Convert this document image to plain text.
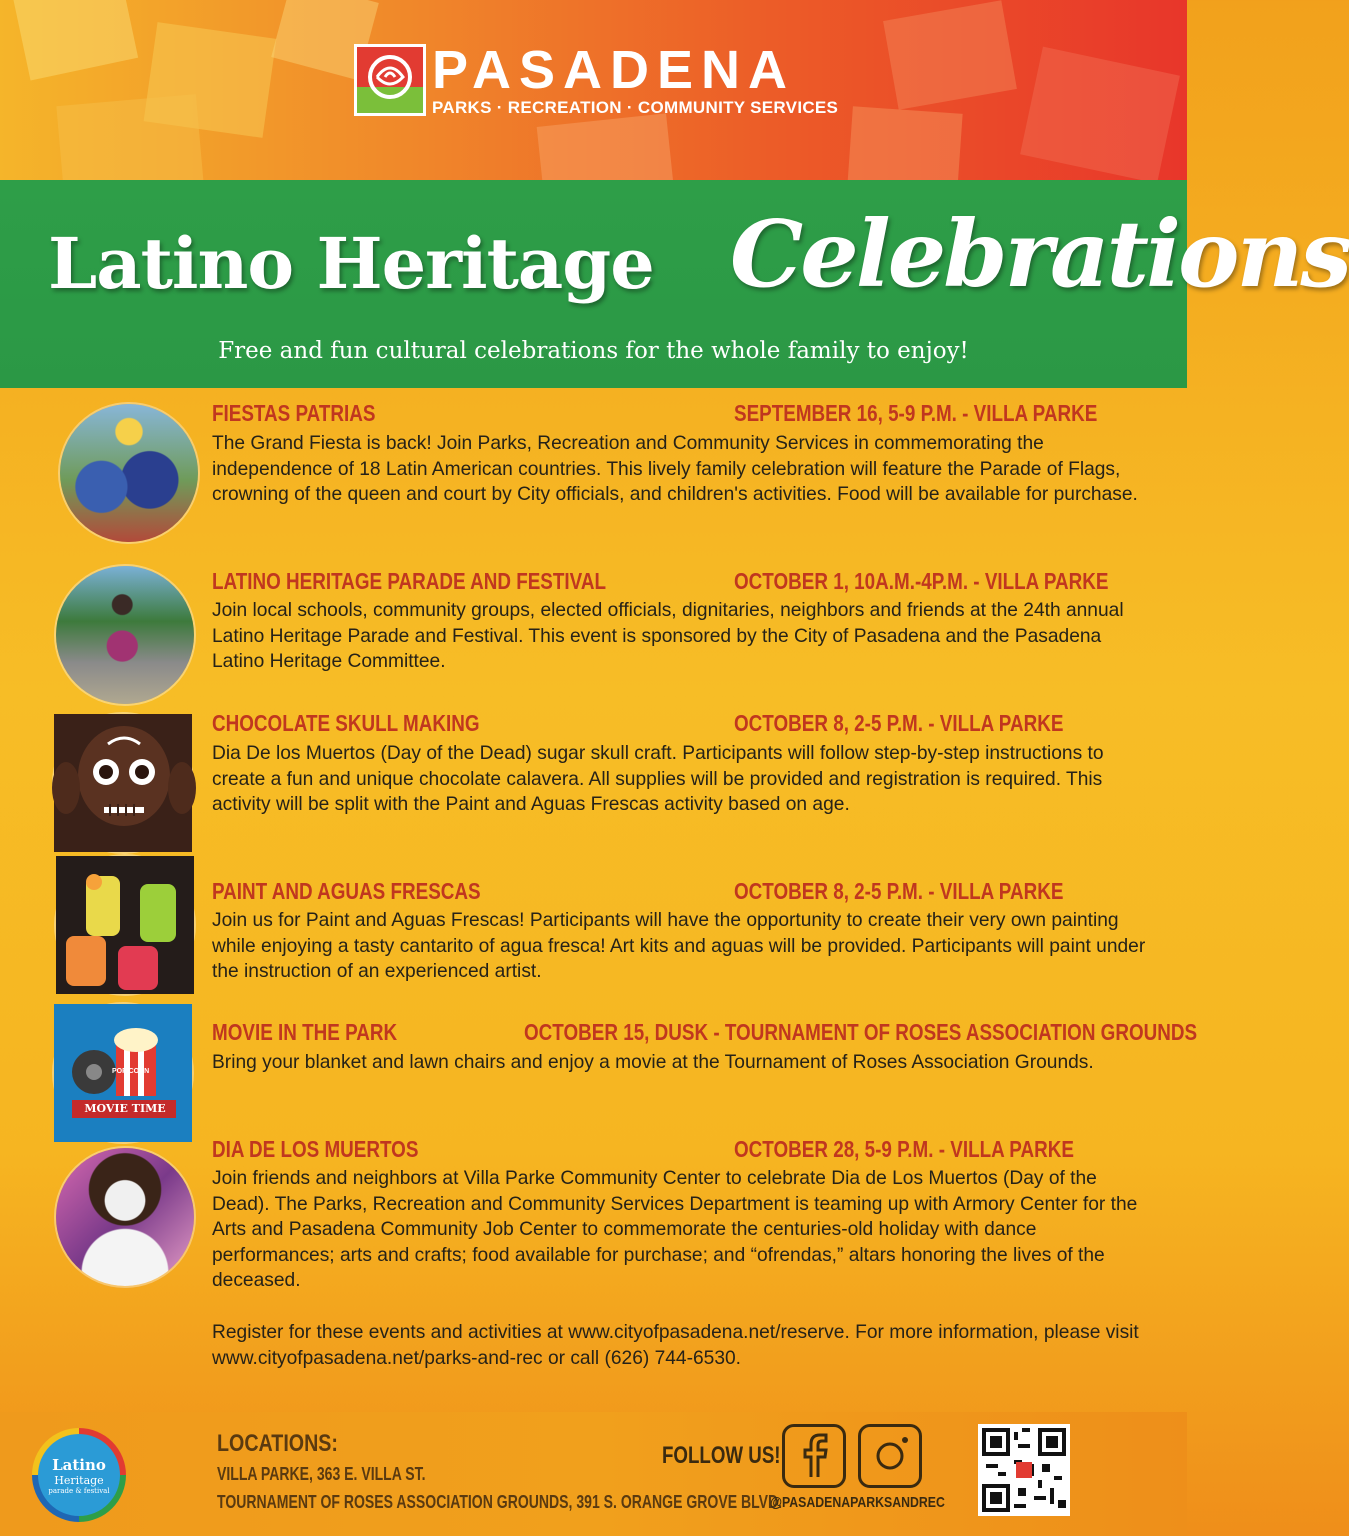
PASADENA
PARKS · RECREATION · COMMUNITY SERVICES
Latino Heritage Celebrations
Free and fun cultural celebrations for the whole family to enjoy!
FIESTAS PATRIAS	SEPTEMBER 16, 5-9 P.M. - VILLA PARKE
The Grand Fiesta is back! Join Parks, Recreation and Community Services in commemorating the independence of 18 Latin American countries. This lively family celebration will feature the Parade of Flags, crowning of the queen and court by City officials, and children's activities. Food will be available for purchase.
LATINO HERITAGE PARADE AND FESTIVAL	OCTOBER 1, 10A.M.-4P.M. - VILLA PARKE
Join local schools, community groups, elected officials, dignitaries, neighbors and friends at the 24th annual Latino Heritage Parade and Festival. This event is sponsored by the City of Pasadena and the Pasadena Latino Heritage Committee.
CHOCOLATE SKULL MAKING	OCTOBER 8, 2-5 P.M. - VILLA PARKE
Dia De los Muertos (Day of the Dead) sugar skull craft. Participants will follow step-by-step instructions to create a fun and unique chocolate calavera. All supplies will be provided and registration is required. This activity will be split with the Paint and Aguas Frescas activity based on age.
PAINT AND AGUAS FRESCAS	OCTOBER 8, 2-5 P.M. - VILLA PARKE
Join us for Paint and Aguas Frescas! Participants will have the opportunity to create their very own painting while enjoying a tasty cantarito of agua fresca! Art kits and aguas will be provided. Participants will paint under the instruction of an experienced artist.
POP CORN
MOVIE TIME
MOVIE IN THE PARK	OCTOBER 15, DUSK - TOURNAMENT OF ROSES ASSOCIATION GROUNDS
Bring your blanket and lawn chairs and enjoy a movie at the Tournament of Roses Association Grounds.
DIA DE LOS MUERTOS	OCTOBER 28, 5-9 P.M. - VILLA PARKE
Join friends and neighbors at Villa Parke Community Center to celebrate Dia de Los Muertos (Day of the Dead). The Parks, Recreation and Community Services Department is teaming up with Armory Center for the Arts and Pasadena Community Job Center to commemorate the centuries-old holiday with dance performances; arts and crafts; food available for purchase; and “ofrendas,” altars honoring the lives of the deceased.
Register for these events and activities at www.cityofpasadena.net/reserve. For more information, please visit www.cityofpasadena.net/parks-and-rec or call (626) 744-6530.
Latino
Heritage
parade & festival
LOCATIONS:
VILLA PARKE, 363 E. VILLA ST.
TOURNAMENT OF ROSES ASSOCIATION GROUNDS, 391 S. ORANGE GROVE BLVD.
FOLLOW US!
@PASADENAPARKSANDREC
